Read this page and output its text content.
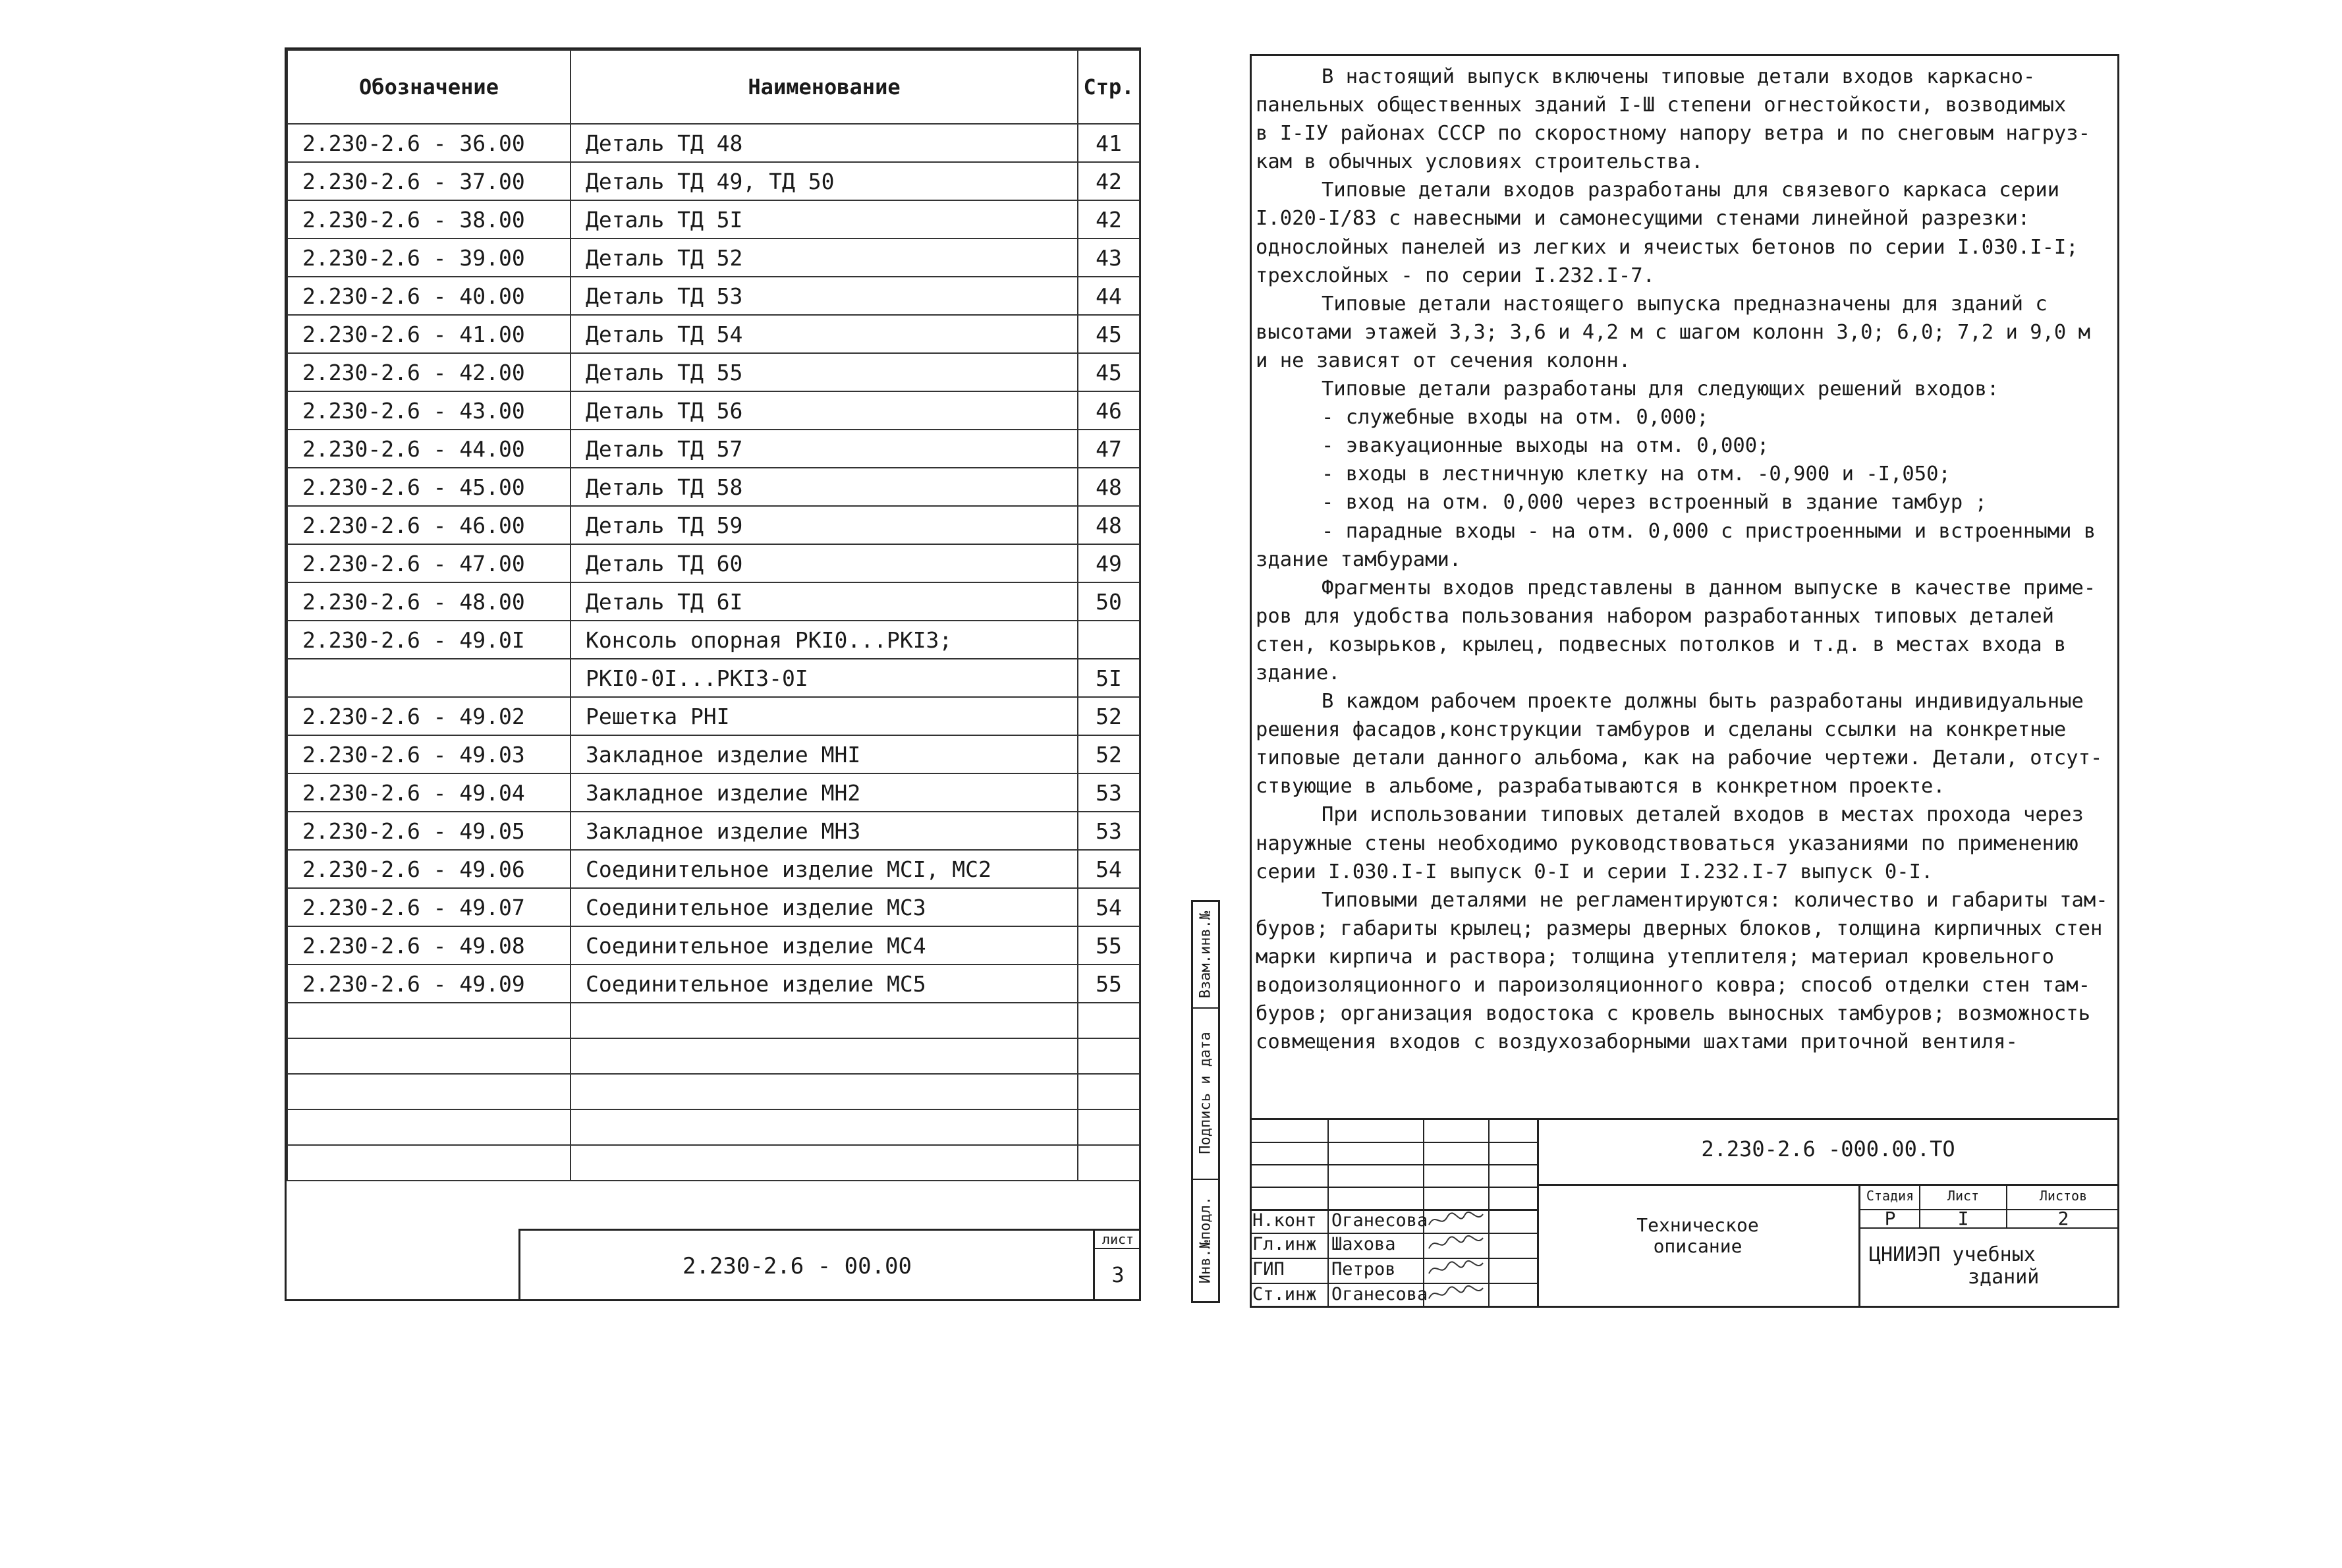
Обозначение	Наименование	Стр.
2.230-2.6 - 36.00	Деталь ТД 48	41
2.230-2.6 - 37.00	Деталь ТД 49, ТД 50	42
2.230-2.6 - 38.00	Деталь ТД 5I	42
2.230-2.6 - 39.00	Деталь ТД 52	43
2.230-2.6 - 40.00	Деталь ТД 53	44
2.230-2.6 - 41.00	Деталь ТД 54	45
2.230-2.6 - 42.00	Деталь ТД 55	45
2.230-2.6 - 43.00	Деталь ТД 56	46
2.230-2.6 - 44.00	Деталь ТД 57	47
2.230-2.6 - 45.00	Деталь ТД 58	48
2.230-2.6 - 46.00	Деталь ТД 59	48
2.230-2.6 - 47.00	Деталь ТД 60	49
2.230-2.6 - 48.00	Деталь ТД 6I	50
2.230-2.6 - 49.0I	Консоль опорная РКI0...РКI3;	
	РКI0-0I...РКI3-0I	5I
2.230-2.6 - 49.02	Решетка РНI	52
2.230-2.6 - 49.03	Закладное изделие МНI	52
2.230-2.6 - 49.04	Закладное изделие МН2	53
2.230-2.6 - 49.05	Закладное изделие МН3	53
2.230-2.6 - 49.06	Соединительное изделие МСI, МС2	54
2.230-2.6 - 49.07	Соединительное изделие МС3	54
2.230-2.6 - 49.08	Соединительное изделие МС4	55
2.230-2.6 - 49.09	Соединительное изделие МС5	55

2.230-2.6 - 00.00
лист
3
Взам.инв.№
Подпись и дата
Инв.№подл.

В настоящий выпуск включены типовые детали входов каркасно-

панельных общественных зданий I-Ш степени огнестойкости, возводимых

в I-IУ районах СССР по скоростному напору ветра и по снеговым нагруз-

кам в обычных условиях строительства.

Типовые детали входов разработаны для связевого каркаса серии

I.020-I/83 с навесными и самонесущими стенами линейной разрезки:

однослойных панелей из легких и ячеистых бетонов по серии I.030.I-I;

трехслойных - по серии I.232.I-7.

Типовые детали настоящего выпуска предназначены для зданий с

высотами этажей 3,3; 3,6 и 4,2 м с шагом колонн 3,0; 6,0; 7,2 и 9,0 м

и не зависят от сечения колонн.

Типовые детали разработаны для следующих решений входов:

- служебные входы на отм. 0,000;

- эвакуационные выходы на отм. 0,000;

- входы в лестничную клетку на отм. -0,900 и -I,050;

- вход на отм. 0,000 через встроенный в здание тамбур ;

- парадные входы - на отм. 0,000 с пристроенными и встроенными в

здание тамбурами.

Фрагменты входов представлены в данном выпуске в качестве приме-

ров для удобства пользования набором разработанных типовых деталей

стен, козырьков, крылец, подвесных потолков и т.д. в местах входа в

здание.

В каждом рабочем проекте должны быть разработаны индивидуальные

решения фасадов,конструкции тамбуров и сделаны ссылки на конкретные

типовые детали данного альбома, как на рабочие чертежи. Детали, отсут-

ствующие в альбоме, разрабатываются в конкретном проекте.

При использовании типовых деталей входов в местах прохода через

наружные стены необходимо руководствоваться указаниями по применению

серии I.030.I-I выпуск 0-I и серии I.232.I-7 выпуск 0-I.

Типовыми деталями не регламентируются: количество и габариты там-

буров; габариты крылец; размеры дверных блоков, толщина кирпичных стен

марки кирпича и раствора; толщина утеплителя; материал кровельного

водоизоляционного и пароизоляционного ковра; способ отделки стен там-

буров; организация водостока с кровель выносных тамбуров; возможность

совмещения входов с воздухозаборными шахтами приточной вентиля-

2.230-2.6 -000.00.ТО
Техническое
описание
Стадия	Лист	Листов
Р	I	2
ЦНИИЭП учебных
зданий
Н.конт Оганесова
Гл.инж Шахова
ГИП	Петров
Ст.инж Оганесова
